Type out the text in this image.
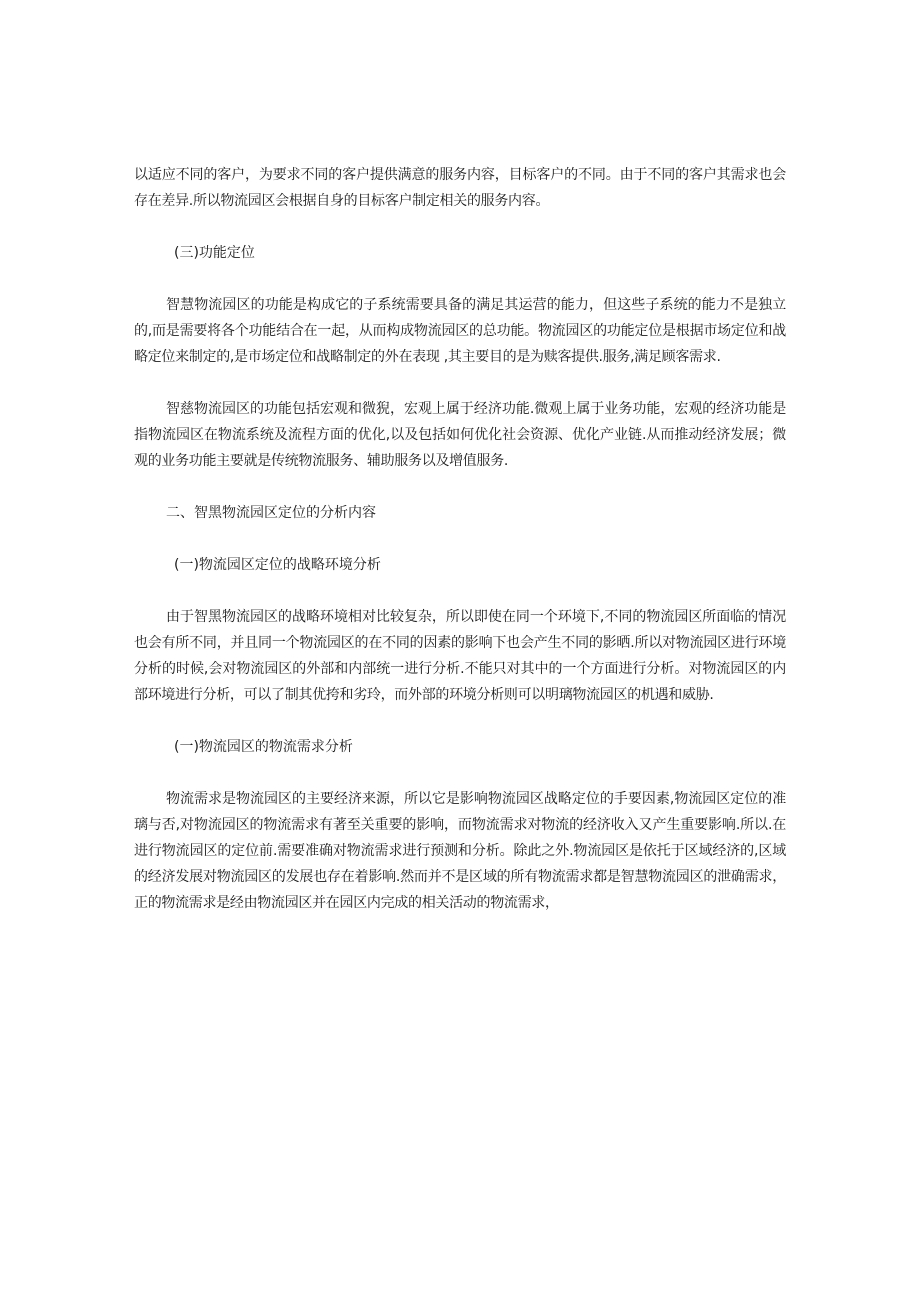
以适应不同的客户，为要求不同的客户提供满意的服务内容，目标客户的不同。由于不同的客户其需求也会存在差异.所以物流园区会根据自身的目标客户制定相关的服务内容。

(三)功能定位

智慧物流园区的功能是构成它的子系统需要具备的满足其运营的能力，但这些子系统的能力不是独立的,而是需要将各个功能结合在一起，从而构成物流园区的总功能。物流园区的功能定位是根据市场定位和战略定位来制定的,是市场定位和战略制定的外在表现 ,其主要目的是为赎客提供.服务,满足顾客需求.

智慈物流园区的功能包括宏观和微猊，宏观上属于经济功能.微观上属于业务功能，宏观的经济功能是指物流园区在物流系统及流程方面的优化,以及包括如何优化社会资源、优化产业链.从而推动经济发展；微观的业务功能主要就是传统物流服务、辅助服务以及增值服务.

二、智黑物流园区定位的分析内容

(一)物流园区定位的战略环境分析

由于智黑物流园区的战略环境相对比较复杂，所以即使在同一个环境下,不同的物流园区所面临的情况也会有所不同，并且同一个物流园区的在不同的因素的影响下也会产生不同的影晒.所以对物流园区进行环境分析的时候,会对物流园区的外部和内部统一进行分析.不能只对其中的一个方面进行分析。对物流园区的内部环境进行分析，可以了制其优挎和劣玲，而外部的环境分析则可以明璃物流园区的机遇和威胁.

(一)物流园区的物流需求分析

物流需求是物流园区的主要经济来源，所以它是影响物流园区战略定位的手要因素,物流园区定位的准璃与否,对物流园区的物流需求有著至关重要的影响，而物流需求对物流的经济收入又产生重要影响.所以.在进行物流园区的定位前.需要准确对物流需求进行预测和分析。除此之外.物流园区是依托于区域经济的,区域的经济发展对物流园区的发展也存在着影响.然而并不是区域的所有物流需求都是智慧物流园区的泄确需求，正的物流需求是经由物流园区并在园区内完成的相关活动的物流需求，
